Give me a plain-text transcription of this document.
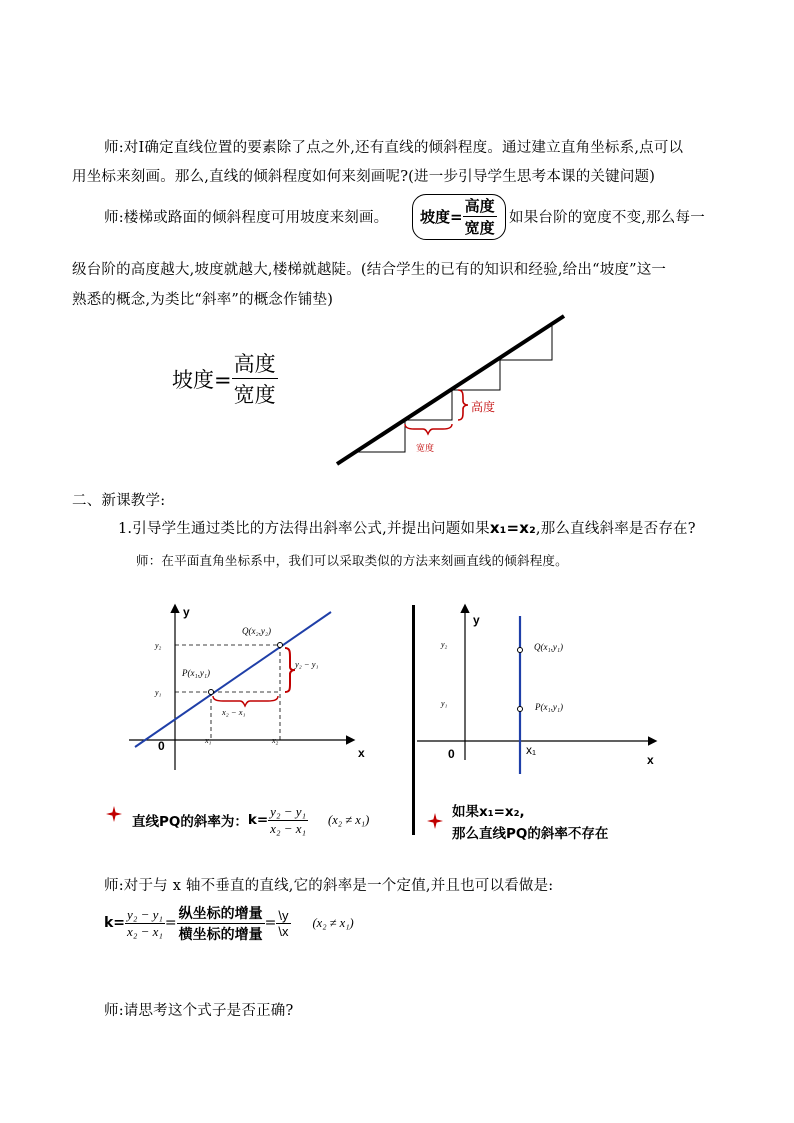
师:对I确定直线位置的要素除了点之外,还有直线的倾斜程度。通过建立直角坐标系,点可以
用坐标来刻画。那么,直线的倾斜程度如何来刻画呢?(进一步引导学生思考本课的关键问题)
师:楼梯或路面的倾斜程度可用坡度来刻画。 坡度= $\frac{\text{高度}}{\text{宽度}}$ 如果台阶的宽度不变,那么每一
级台阶的高度越大,坡度就越大,楼梯就越陡。(结合学生的已有的知识和经验,给出“坡度”这一
熟悉的概念,为类比“斜率”的概念作铺垫)
坡度= $\frac{\text{高度}}{\text{宽度}}$	高度
宽度
二、新课教学:
1.引导学生通过类比的方法得出斜率公式,并提出问题如果x₁=x₂,那么直线斜率是否存在?
师：在平面直角坐标系中，我们可以采取类似的方法来刻画直线的倾斜程度。
y
x
0
P(x₁,y₁)
Q(x₂,y₂)
y₁
y₂
x₁	x₂
y₂ − y₁
x₂ − x₁
y
x
0
Q(x₁,y₁)
P(x₁,y₁)
y₂
y₁
x₁
直线PQ的斜率为： $k= \frac{\text{y₂ − y₁}}{\text{x₂ − x₁}} (x_2 \ne x_1)$	如果x₁=x₂,
那么直线PQ的斜率不存在
师:对于与 x 轴不垂直的直线,它的斜率是一个定值,并且也可以看做是:
$k= \frac{\text{y₂ − y₁}}{\text{x₂ − x₁}} = \frac{\text{纵坐标的增量}}{\text{横坐标的增量}} = \frac{\backslash y}{\backslash x} (x_2 \ne x_1)$
师:请思考这个式子是否正确?
